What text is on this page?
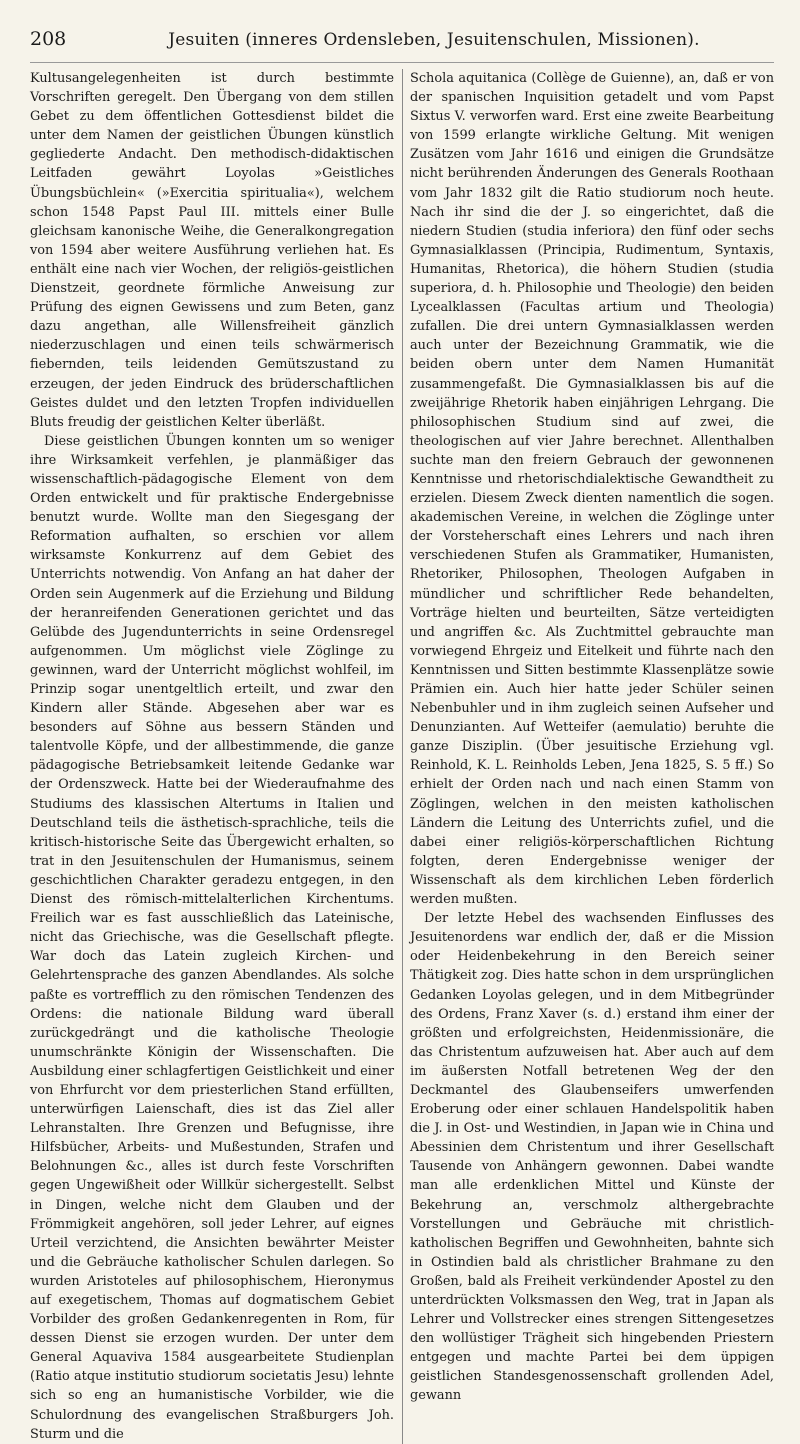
208	Jesuiten (inneres Ordensleben, Jesuitenschulen, Missionen).

Kultusangelegenheiten ist durch bestimmte Vorschriften geregelt. Den Übergang von dem stillen Gebet zu dem öffentlichen Gottesdienst bildet die unter dem Namen der geistlichen Übungen künstlich gegliederte Andacht. Den methodisch-didaktischen Leitfaden gewährt Loyolas »Geistliches Übungsbüchlein« (»Exercitia spiritualia«), welchem schon 1548 Papst Paul III. mittels einer Bulle gleichsam kanonische Weihe, die Generalkongregation von 1594 aber weitere Ausführung verliehen hat. Es enthält eine nach vier Wochen, der religiös-geistlichen Dienstzeit, geordnete förmliche Anweisung zur Prüfung des eignen Gewissens und zum Beten, ganz dazu angethan, alle Willensfreiheit gänzlich niederzuschlagen und einen teils schwärmerisch fiebernden, teils leidenden Gemütszustand zu erzeugen, der jeden Eindruck des brüderschaftlichen Geistes duldet und den letzten Tropfen individuellen Bluts freudig der geistlichen Kelter überläßt.

Diese geistlichen Übungen konnten um so weniger ihre Wirksamkeit verfehlen, je planmäßiger das wissenschaftlich-pädagogische Element von dem Orden entwickelt und für praktische Endergebnisse benutzt wurde. Wollte man den Siegesgang der Reformation aufhalten, so erschien vor allem wirksamste Konkurrenz auf dem Gebiet des Unterrichts notwendig. Von Anfang an hat daher der Orden sein Augenmerk auf die Erziehung und Bildung der heranreifenden Generationen gerichtet und das Gelübde des Jugendunterrichts in seine Ordensregel aufgenommen. Um möglichst viele Zöglinge zu gewinnen, ward der Unterricht möglichst wohlfeil, im Prinzip sogar unentgeltlich erteilt, und zwar den Kindern aller Stände. Abgesehen aber war es besonders auf Söhne aus bessern Ständen und talentvolle Köpfe, und der allbestimmende, die ganze pädagogische Betriebsamkeit leitende Gedanke war der Ordenszweck. Hatte bei der Wiederaufnahme des Studiums des klassischen Altertums in Italien und Deutschland teils die ästhetisch-sprachliche, teils die kritisch-historische Seite das Übergewicht erhalten, so trat in den Jesuitenschulen der Humanismus, seinem geschichtlichen Charakter geradezu entgegen, in den Dienst des römisch-mittelalterlichen Kirchentums. Freilich war es fast ausschließlich das Lateinische, nicht das Griechische, was die Gesellschaft pflegte. War doch das Latein zugleich Kirchen- und Gelehrtensprache des ganzen Abendlandes. Als solche paßte es vortrefflich zu den römischen Tendenzen des Ordens: die nationale Bildung ward überall zurückgedrängt und die katholische Theologie unumschränkte Königin der Wissenschaften. Die Ausbildung einer schlagfertigen Geistlichkeit und einer von Ehrfurcht vor dem priesterlichen Stand erfüllten, unterwürfigen Laienschaft, dies ist das Ziel aller Lehranstalten. Ihre Grenzen und Befugnisse, ihre Hilfsbücher, Arbeits- und Mußestunden, Strafen und Belohnungen &c., alles ist durch feste Vorschriften gegen Ungewißheit oder Willkür sichergestellt. Selbst in Dingen, welche nicht dem Glauben und der Frömmigkeit angehören, soll jeder Lehrer, auf eignes Urteil verzichtend, die Ansichten bewährter Meister und die Gebräuche katholischer Schulen darlegen. So wurden Aristoteles auf philosophischem, Hieronymus auf exegetischem, Thomas auf dogmatischem Gebiet Vorbilder des großen Gedankenregenten in Rom, für dessen Dienst sie erzogen wurden. Der unter dem General Aquaviva 1584 ausgearbeitete Studienplan (Ratio atque institutio studiorum societatis Jesu) lehnte sich so eng an humanistische Vorbilder, wie die Schulordnung des evangelischen Straßburgers Joh. Sturm und die

Schola aquitanica (Collège de Guienne), an, daß er von der spanischen Inquisition getadelt und vom Papst Sixtus V. verworfen ward. Erst eine zweite Bearbeitung von 1599 erlangte wirkliche Geltung. Mit wenigen Zusätzen vom Jahr 1616 und einigen die Grundsätze nicht berührenden Änderungen des Generals Roothaan vom Jahr 1832 gilt die Ratio studiorum noch heute. Nach ihr sind die der J. so eingerichtet, daß die niedern Studien (studia inferiora) den fünf oder sechs Gymnasialklassen (Principia, Rudimentum, Syntaxis, Humanitas, Rhetorica), die höhern Studien (studia superiora, d. h. Philosophie und Theologie) den beiden Lycealklassen (Facultas artium und Theologia) zufallen. Die drei untern Gymnasialklassen werden auch unter der Bezeichnung Grammatik, wie die beiden obern unter dem Namen Humanität zusammengefaßt. Die Gymnasialklassen bis auf die zweijährige Rhetorik haben einjährigen Lehrgang. Die philosophischen Studium sind auf zwei, die theologischen auf vier Jahre berechnet. Allenthalben suchte man den freiern Gebrauch der gewonnenen Kenntnisse und rhetorischdialektische Gewandtheit zu erzielen. Diesem Zweck dienten namentlich die sogen. akademischen Vereine, in welchen die Zöglinge unter der Vorsteherschaft eines Lehrers und nach ihren verschiedenen Stufen als Grammatiker, Humanisten, Rhetoriker, Philosophen, Theologen Aufgaben in mündlicher und schriftlicher Rede behandelten, Vorträge hielten und beurteilten, Sätze verteidigten und angriffen &c. Als Zuchtmittel gebrauchte man vorwiegend Ehrgeiz und Eitelkeit und führte nach den Kenntnissen und Sitten bestimmte Klassenplätze sowie Prämien ein. Auch hier hatte jeder Schüler seinen Nebenbuhler und in ihm zugleich seinen Aufseher und Denunzianten. Auf Wetteifer (aemulatio) beruhte die ganze Disziplin. (Über jesuitische Erziehung vgl. Reinhold, K. L. Reinholds Leben, Jena 1825, S. 5 ff.) So erhielt der Orden nach und nach einen Stamm von Zöglingen, welchen in den meisten katholischen Ländern die Leitung des Unterrichts zufiel, und die dabei einer religiös-körperschaftlichen Richtung folgten, deren Endergebnisse weniger der Wissenschaft als dem kirchlichen Leben förderlich werden mußten.

Der letzte Hebel des wachsenden Einflusses des Jesuitenordens war endlich der, daß er die Mission oder Heidenbekehrung in den Bereich seiner Thätigkeit zog. Dies hatte schon in dem ursprünglichen Gedanken Loyolas gelegen, und in dem Mitbegründer des Ordens, Franz Xaver (s. d.) erstand ihm einer der größten und erfolgreichsten, Heidenmissionäre, die das Christentum aufzuweisen hat. Aber auch auf dem im äußersten Notfall betretenen Weg der den Deckmantel des Glaubenseifers umwerfenden Eroberung oder einer schlauen Handelspolitik haben die J. in Ost- und Westindien, in Japan wie in China und Abessinien dem Christentum und ihrer Gesellschaft Tausende von Anhängern gewonnen. Dabei wandte man alle erdenklichen Mittel und Künste der Bekehrung an, verschmolz althergebrachte Vorstellungen und Gebräuche mit christlich-katholischen Begriffen und Gewohnheiten, bahnte sich in Ostindien bald als christlicher Brahmane zu den Großen, bald als Freiheit verkündender Apostel zu den unterdrückten Volksmassen den Weg, trat in Japan als Lehrer und Vollstrecker eines strengen Sittengesetzes den wollüstiger Trägheit sich hingebenden Priestern entgegen und machte Partei bei dem üppigen geistlichen Standesgenossenschaft grollenden Adel, gewann
